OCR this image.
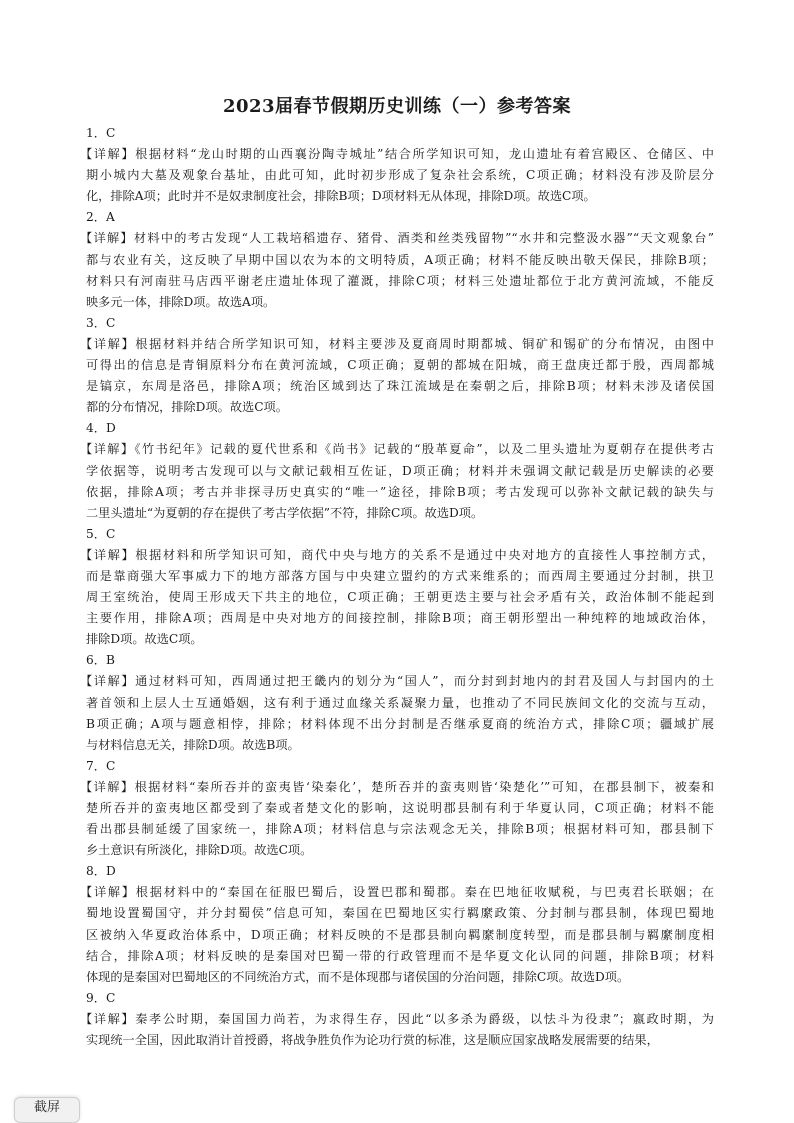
2023届春节假期历史训练（一）参考答案
1．C
【详解】根据材料“龙山时期的山西襄汾陶寺城址”结合所学知识可知，龙山遗址有着宫殿区、仓储区、中
期小城内大墓及观象台基址，由此可知，此时初步形成了复杂社会系统，C项正确；材料没有涉及阶层分
化，排除A项；此时并不是奴隶制度社会，排除B项；D项材料无从体现，排除D项。故选C项。
2．A
【详解】材料中的考古发现“人工栽培稻遗存、猪骨、酒类和丝类残留物”“水井和完整汲水器”“天文观象台”
都与农业有关，这反映了早期中国以农为本的文明特质，A项正确；材料不能反映出敬天保民，排除B项；
材料只有河南驻马店西平谢老庄遗址体现了灌溉，排除C项；材料三处遗址都位于北方黄河流域，不能反
映多元一体，排除D项。故选A项。
3．C
【详解】根据材料并结合所学知识可知，材料主要涉及夏商周时期都城、铜矿和锡矿的分布情况，由图中
可得出的信息是青铜原料分布在黄河流域，C项正确；夏朝的都城在阳城，商王盘庚迁都于殷，西周都城
是镐京，东周是洛邑，排除A项；统治区域到达了珠江流域是在秦朝之后，排除B项；材料未涉及诸侯国
都的分布情况，排除D项。故选C项。
4．D
【详解】《竹书纪年》记载的夏代世系和《尚书》记载的“殷革夏命”，以及二里头遗址为夏朝存在提供考古
学依据等，说明考古发现可以与文献记载相互佐证，D项正确；材料并未强调文献记载是历史解读的必要
依据，排除A项；考古并非探寻历史真实的“唯一”途径，排除B项；考古发现可以弥补文献记载的缺失与
二里头遗址“为夏朝的存在提供了考古学依据”不符，排除C项。故选D项。
5．C
【详解】根据材料和所学知识可知，商代中央与地方的关系不是通过中央对地方的直接性人事控制方式，
而是靠商强大军事威力下的地方部落方国与中央建立盟约的方式来维系的；而西周主要通过分封制，拱卫
周王室统治，使周王形成天下共主的地位，C项正确；王朝更迭主要与社会矛盾有关，政治体制不能起到
主要作用，排除A项；西周是中央对地方的间接控制，排除B项；商王朝形塑出一种纯粹的地域政治体，
排除D项。故选C项。
6．B
【详解】通过材料可知，西周通过把王畿内的划分为“国人”，而分封到封地内的封君及国人与封国内的土
著首领和上层人士互通婚姻，这有利于通过血缘关系凝聚力量，也推动了不同民族间文化的交流与互动，
B项正确；A项与题意相悖，排除；材料体现不出分封制是否继承夏商的统治方式，排除C项；疆域扩展
与材料信息无关，排除D项。故选B项。
7．C
【详解】根据材料“秦所吞并的蛮夷皆‘染秦化’，楚所吞并的蛮夷则皆‘染楚化’”可知，在郡县制下，被秦和
楚所吞并的蛮夷地区都受到了秦或者楚文化的影响，这说明郡县制有利于华夏认同，C项正确；材料不能
看出郡县制延缓了国家统一，排除A项；材料信息与宗法观念无关，排除B项；根据材料可知，郡县制下
乡土意识有所淡化，排除D项。故选C项。
8．D
【详解】根据材料中的“秦国在征服巴蜀后，设置巴郡和蜀郡。秦在巴地征收赋税，与巴夷君长联姻；在
蜀地设置蜀国守，并分封蜀侯”信息可知，秦国在巴蜀地区实行羁縻政策、分封制与郡县制，体现巴蜀地
区被纳入华夏政治体系中，D项正确；材料反映的不是郡县制向羁縻制度转型，而是郡县制与羁縻制度相
结合，排除A项；材料反映的是秦国对巴蜀一带的行政管理而不是华夏文化认同的问题，排除B项；材料
体现的是秦国对巴蜀地区的不同统治方式，而不是体现郡与诸侯国的分治问题，排除C项。故选D项。
9．C
【详解】秦孝公时期，秦国国力尚若，为求得生存，因此“以多杀为爵级，以怯斗为役隶”；嬴政时期，为
实现统一全国，因此取消计首授爵，将战争胜负作为论功行赏的标准，这是顺应国家战略发展需要的结果，
截屏
